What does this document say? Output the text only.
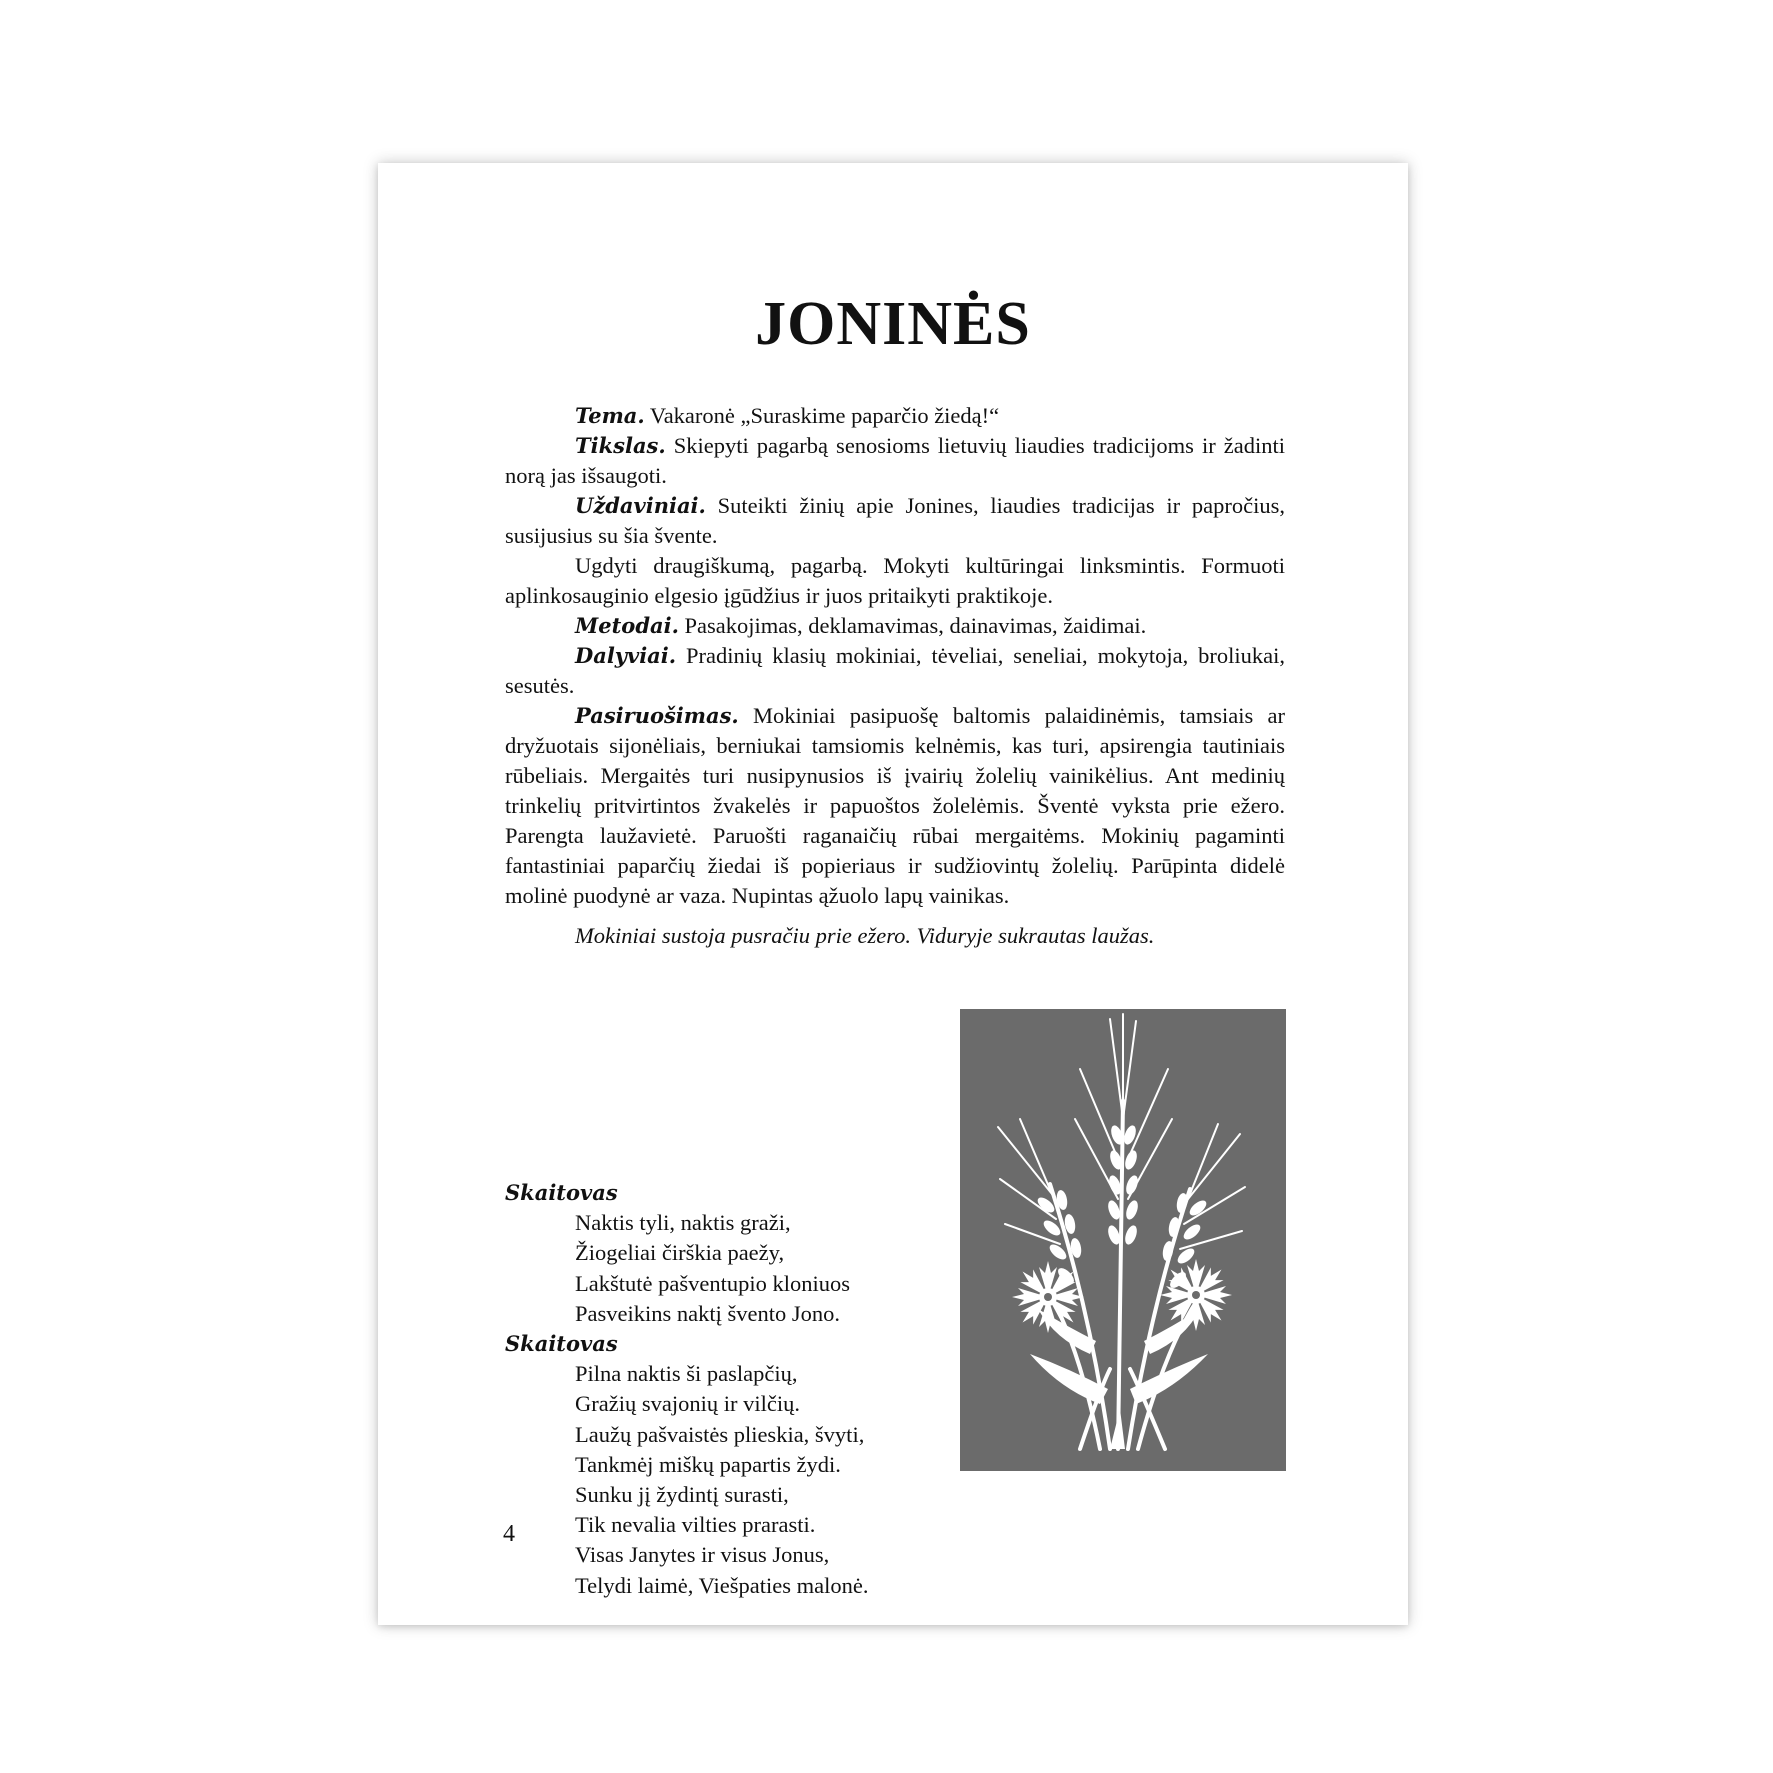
JONINĖS

Tema. Vakaronė „Suraskime paparčio žiedą!“

Tikslas. Skiepyti pagarbą senosioms lietuvių liaudies tradicijoms ir žadinti norą jas išsaugoti.

Uždaviniai. Suteikti žinių apie Jonines, liaudies tradicijas ir papročius, susijusius su šia švente.

Ugdyti draugiškumą, pagarbą. Mokyti kultūringai linksmintis. Formuoti aplinkosauginio elgesio įgūdžius ir juos pritaikyti praktikoje.

Metodai. Pasakojimas, deklamavimas, dainavimas, žaidimai.

Dalyviai. Pradinių klasių mokiniai, tėveliai, seneliai, mokytoja, broliukai, sesutės.

Pasiruošimas. Mokiniai pasipuošę baltomis palaidinėmis, tamsiais ar dryžuotais sijonėliais, berniukai tamsiomis kelnėmis, kas turi, apsirengia tautiniais rūbeliais. Mergaitės turi nusipynusios iš įvairių žolelių vainikėlius. Ant medinių trinkelių pritvirtintos žvakelės ir papuoštos žolelėmis. Šventė vyksta prie ežero. Parengta laužavietė. Paruošti raganaičių rūbai mergaitėms. Mokinių pagaminti fantastiniai paparčių žiedai iš popieriaus ir sudžiovintų žolelių. Parūpinta didelė molinė puodynė ar vaza. Nupintas ąžuolo lapų vainikas.

Mokiniai sustoja pusračiu prie ežero. Viduryje sukrautas laužas.

Skaitovas
Naktis tyli, naktis graži,
Žiogeliai čirškia paežy,
Lakštutė pašventupio kloniuos
Pasveikins naktį švento Jono.
Skaitovas
Pilna naktis ši paslapčių,
Gražių svajonių ir vilčių.
Laužų pašvaistės plieskia, švyti,
Tankmėj miškų papartis žydi.
Sunku jį žydintį surasti,
Tik nevalia vilties prarasti.
Visas Janytes ir visus Jonus,
Telydi laimė, Viešpaties malonė.
4
